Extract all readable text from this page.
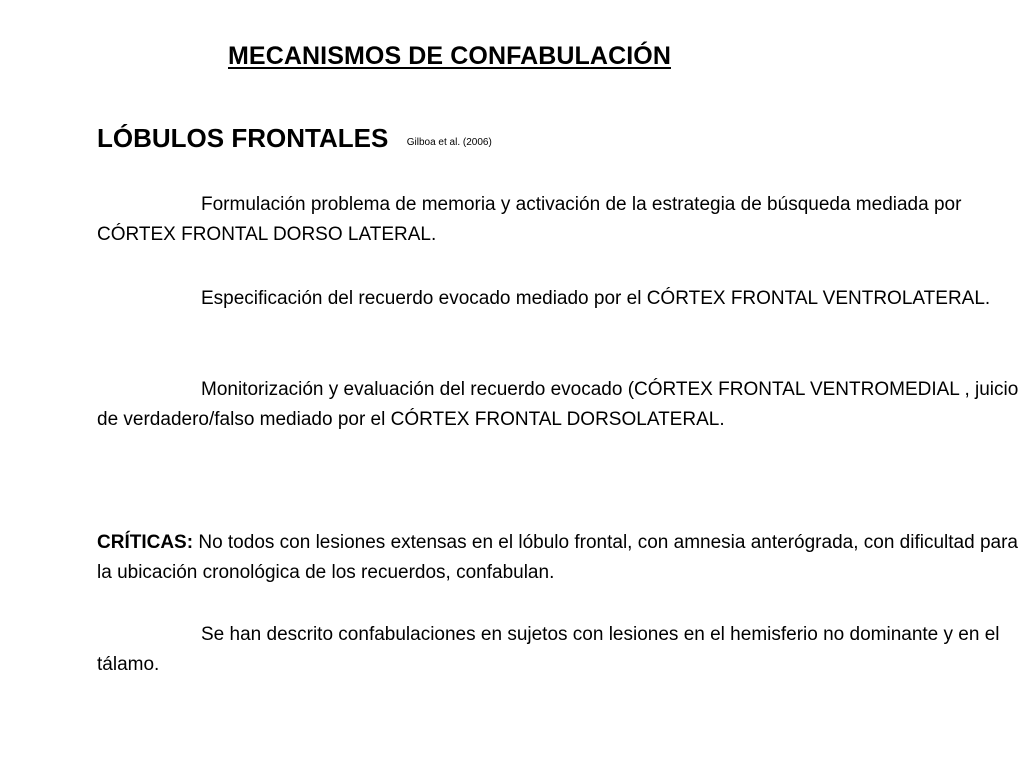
MECANISMOS DE CONFABULACIÓN
LÓBULOS FRONTALES Gilboa et al. (2006)

Formulación problema de memoria y activación de la estrategia de búsqueda mediada por CÓRTEX FRONTAL DORSO LATERAL.

Especificación del recuerdo evocado mediado por el CÓRTEX FRONTAL VENTROLATERAL.

Monitorización y evaluación del recuerdo evocado (CÓRTEX FRONTAL VENTROMEDIAL , juicio de verdadero/falso mediado por el CÓRTEX FRONTAL DORSOLATERAL.

CRÍTICAS: No todos con lesiones extensas en el lóbulo frontal, con amnesia anterógrada, con dificultad para la ubicación cronológica de los recuerdos, confabulan.

Se han descrito confabulaciones en sujetos con lesiones en el hemisferio no dominante y en el tálamo.
